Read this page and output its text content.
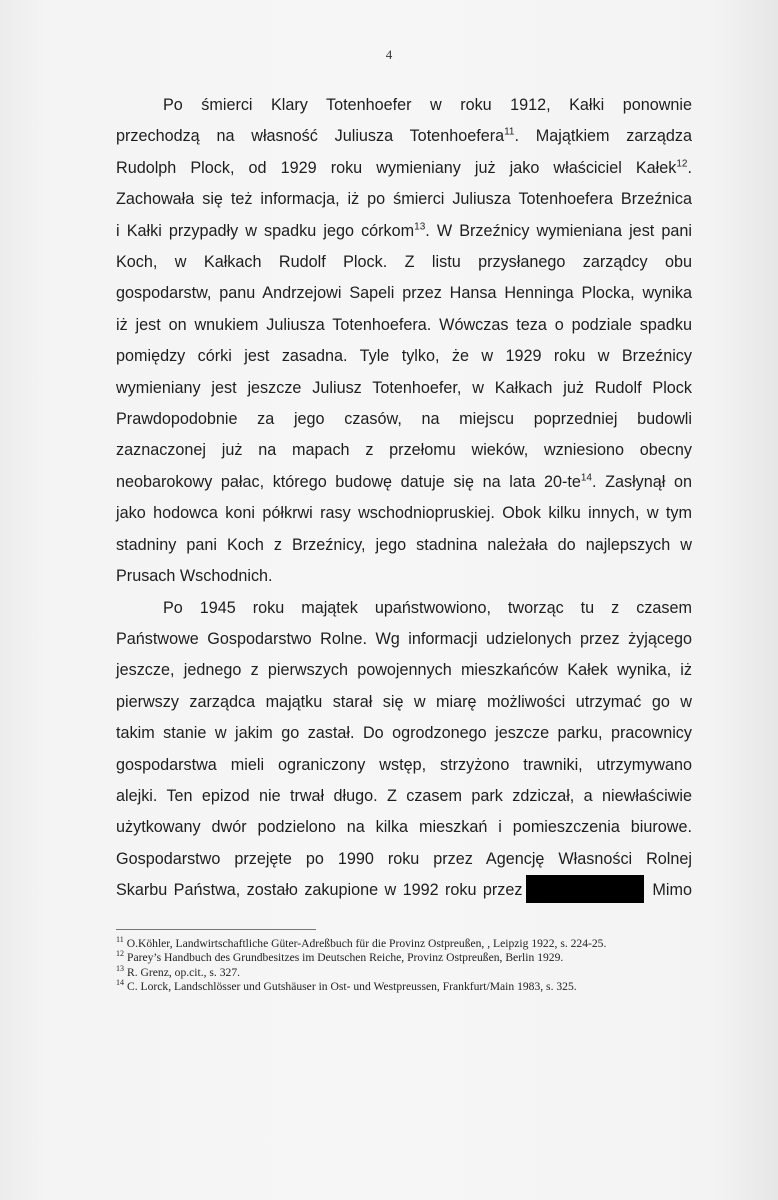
4

Po śmierci Klary Totenhoefer w roku 1912, Kałki ponownie
przechodzą na własność Juliusza Totenhoefera$^{11}$. Majątkiem zarządza
Rudolph Plock, od 1929 roku wymieniany już jako właściciel Kałek$^{12}$.
Zachowała się też informacja, iż po śmierci Juliusza Totenhoefera Brzeźnica
i Kałki przypadły w spadku jego córkom$^{13}$. W Brzeźnicy wymieniana jest pani
Koch, w Kałkach Rudolf Plock. Z listu przysłanego zarządcy obu
gospodarstw, panu Andrzejowi Sapeli przez Hansa Henninga Plocka, wynika
iż jest on wnukiem Juliusza Totenhoefera. Wówczas teza o podziale spadku
pomiędzy córki jest zasadna. Tyle tylko, że w 1929 roku w Brzeźnicy
wymieniany jest jeszcze Juliusz Totenhoefer, w Kałkach już Rudolf Plock
Prawdopodobnie za jego czasów, na miejscu poprzedniej budowli
zaznaczonej już na mapach z przełomu wieków, wzniesiono obecny
neobarokowy pałac, którego budowę datuje się na lata 20-te$^{14}$. Zasłynął on
jako hodowca koni półkrwi rasy wschodniopruskiej. Obok kilku innych, w tym
stadniny pani Koch z Brzeźnicy, jego stadnina należała do najlepszych w
Prusach Wschodnich.

Po 1945 roku majątek upaństwowiono, tworząc tu z czasem
Państwowe Gospodarstwo Rolne. Wg informacji udzielonych przez żyjącego
jeszcze, jednego z pierwszych powojennych mieszkańców Kałek wynika, iż
pierwszy zarządca majątku starał się w miarę możliwości utrzymać go w
takim stanie w jakim go zastał. Do ogrodzonego jeszcze parku, pracownicy
gospodarstwa mieli ograniczony wstęp, strzyżono trawniki, utrzymywano
alejki. Ten epizod nie trwał długo. Z czasem park zdziczał, a niewłaściwie
użytkowany dwór podzielono na kilka mieszkań i pomieszczenia biurowe.
Gospodarstwo przejęte po 1990 roku przez Agencję Własności Rolnej
Skarbu Państwa, zostało zakupione w 1992 roku przez	Mimo

$^{11}$ O.Köhler, Landwirtschaftliche Güter-Adreßbuch für die Provinz Ostpreußen, , Leipzig 1922, s. 224-25.

$^{12}$ Parey’s Handbuch des Grundbesitzes im Deutschen Reiche, Provinz Ostpreußen, Berlin 1929.

$^{13}$ R. Grenz, op.cit., s. 327.

$^{14}$ C. Lorck, Landschlösser und Gutshäuser in Ost- und Westpreussen, Frankfurt/Main 1983, s. 325.
